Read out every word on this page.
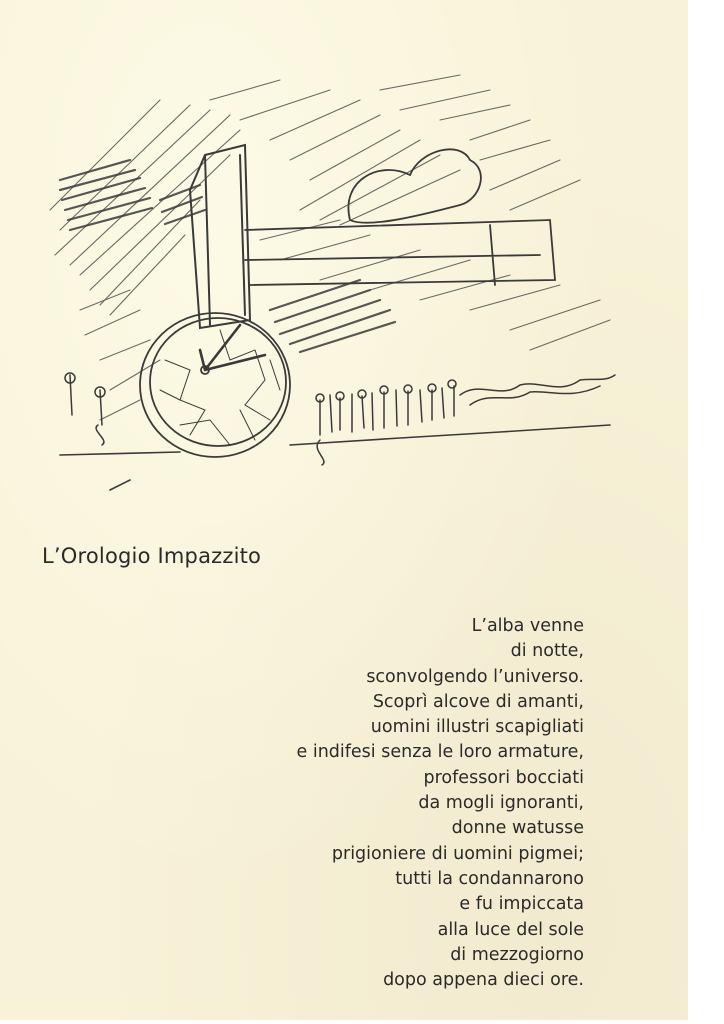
L’Orologio Impazzito
L’alba venne
di notte,
sconvolgendo l’universo.
Scoprì alcove di amanti,
uomini illustri scapigliati
e indifesi senza le loro armature,
professori bocciati
da mogli ignoranti,
donne watusse
prigioniere di uomini pigmei;
tutti la condannarono
e fu impiccata
alla luce del sole
di mezzogiorno
dopo appena dieci ore.
